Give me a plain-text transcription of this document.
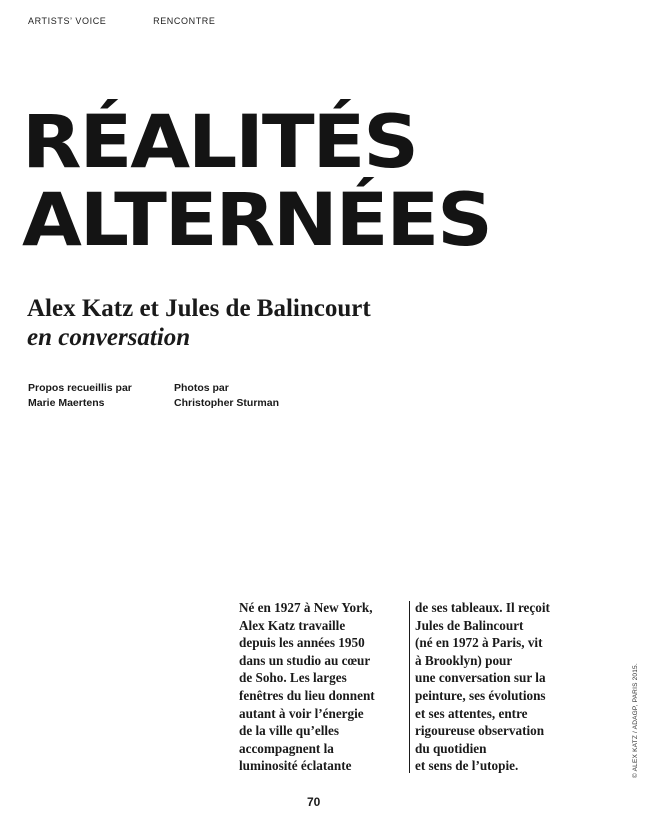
ARTISTS’ VOICE	RENCONTRE
RÉALITÉS
ALTERNÉES
Alex Katz et Jules de Balincourt
en conversation
Propos recueillis par
Marie Maertens
Photos par
Christopher Sturman
Né en 1927 à New York,
Alex Katz travaille
depuis les années 1950
dans un studio au cœur
de Soho. Les larges
fenêtres du lieu donnent
autant à voir l’énergie
de la ville qu’elles
accompagnent la
luminosité éclatante
de ses tableaux. Il reçoit
Jules de Balincourt
(né en 1972 à Paris, vit
à Brooklyn) pour
une conversation sur la
peinture, ses évolutions
et ses attentes, entre
rigoureuse observation
du quotidien
et sens de l’utopie.
70
© ALEX KATZ / ADAGP, PARIS 2015.
